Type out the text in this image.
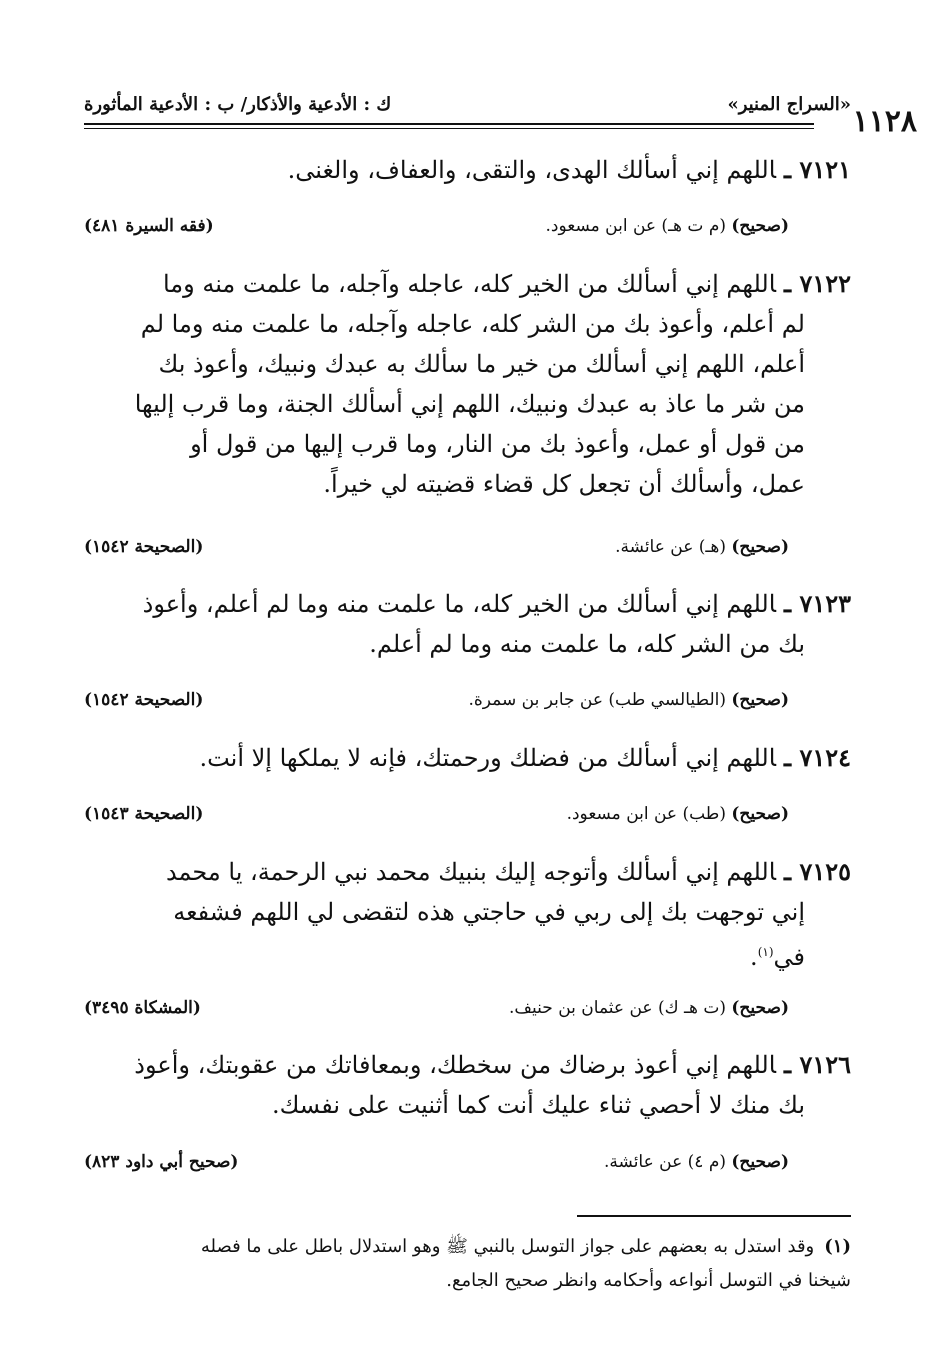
«السراج المنير»
ك : الأدعية والأذكار/ ب : الأدعية المأثورة	١١٢٨
٧١٢١ ـاللهم إني أسألك الهدى، والتقى، والعفاف، والغنى.
(صحيح) (م ت هـ) عن ابن مسعود.
(فقه السيرة ٤٨١)
٧١٢٢ ـاللهم إني أسألك من الخير كله، عاجله وآجله، ما علمت منه وما
لم أعلم، وأعوذ بك من الشر كله، عاجله وآجله، ما علمت منه وما لم
أعلم، اللهم إني أسألك من خير ما سألك به عبدك ونبيك، وأعوذ بك
من شر ما عاذ به عبدك ونبيك، اللهم إني أسألك الجنة، وما قرب إليها
من قول أو عمل، وأعوذ بك من النار، وما قرب إليها من قول أو
عمل، وأسألك أن تجعل كل قضاء قضيته لي خيراً.
(صحيح) (هـ) عن عائشة.
(الصحيحة ١٥٤٢)
٧١٢٣ ـاللهم إني أسألك من الخير كله، ما علمت منه وما لم أعلم، وأعوذ
بك من الشر كله، ما علمت منه وما لم أعلم.
(صحيح) (الطيالسي طب) عن جابر بن سمرة.
(الصحيحة ١٥٤٢)
٧١٢٤ ـاللهم إني أسألك من فضلك ورحمتك، فإنه لا يملكها إلا أنت.
(صحيح) (طب) عن ابن مسعود.
(الصحيحة ١٥٤٣)
٧١٢٥ ـاللهم إني أسألك وأتوجه إليك بنبيك محمد نبي الرحمة، يا محمد
إني توجهت بك إلى ربي في حاجتي هذه لتقضى لي اللهم فشفعه
في$^{(١)}$.
(صحيح) (ت هـ ك) عن عثمان بن حنيف.
(المشكاة ٣٤٩٥)
٧١٢٦ ـاللهم إني أعوذ برضاك من سخطك، وبمعافاتك من عقوبتك، وأعوذ
بك منك لا أحصي ثناء عليك أنت كما أثنيت على نفسك.
(صحيح) (م ٤) عن عائشة.
(صحيح أبي داود ٨٢٣)
(١)وقد استدل به بعضهم على جواز التوسل بالنبي ﷺ وهو استدلال باطل على ما فصله
شيخنا في التوسل أنواعه وأحكامه وانظر صحيح الجامع.
